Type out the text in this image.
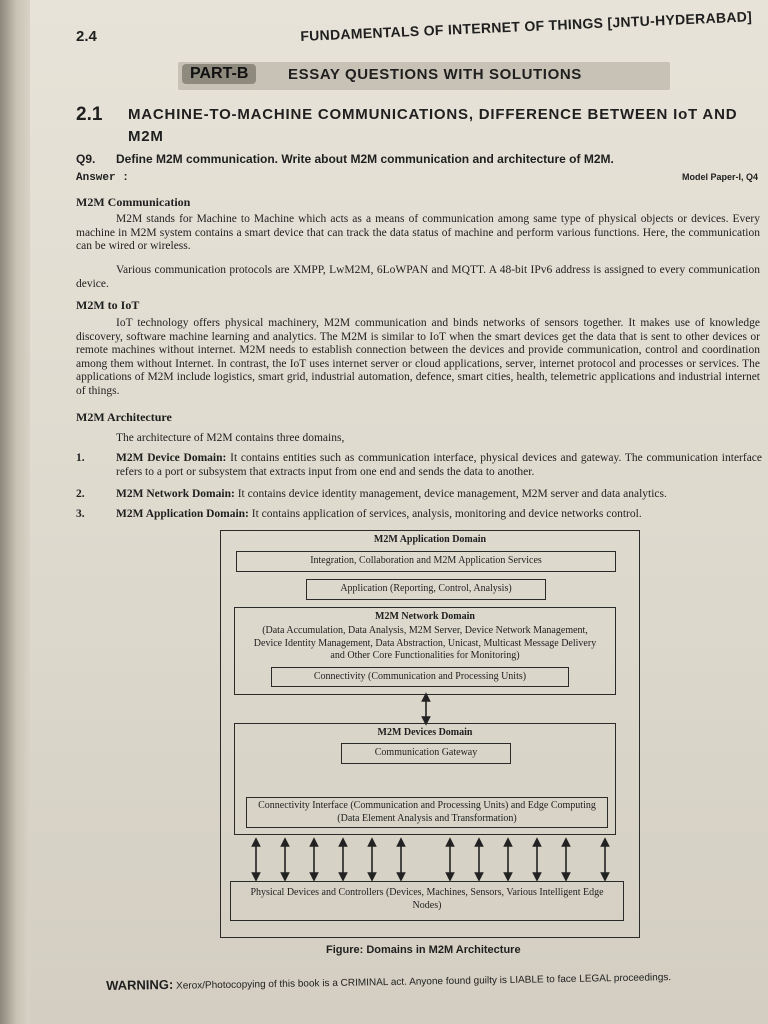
2.4	FUNDAMENTALS OF INTERNET OF THINGS [JNTU-HYDERABAD]
PART-B	ESSAY QUESTIONS WITH SOLUTIONS
2.1 MACHINE-TO-MACHINE COMMUNICATIONS, DIFFERENCE BETWEEN IoT AND M2M
Q9. Define M2M communication. Write about M2M communication and architecture of M2M.
Answer :	Model Paper-I, Q4
M2M Communication

M2M stands for Machine to Machine which acts as a means of communication among same type of physical objects or devices. Every machine in M2M system contains a smart device that can track the data status of machine and perform various functions. Here, the communication can be wired or wireless.

Various communication protocols are XMPP, LwM2M, 6LoWPAN and MQTT. A 48-bit IPv6 address is assigned to every communication device.

M2M to IoT

IoT technology offers physical machinery, M2M communication and binds networks of sensors together. It makes use of knowledge discovery, software machine learning and analytics. The M2M is similar to IoT when the smart devices get the data that is sent to other devices or remote machines without internet. M2M needs to establish connection between the devices and provide communication, control and coordination among them without Internet. In contrast, the IoT uses internet server or cloud applications, server, internet protocol and processes or services. The applications of M2M include logistics, smart grid, industrial automation, defence, smart cities, health, telemetric applications and industrial internet of things.

M2M Architecture

The architecture of M2M contains three domains,

1.	M2M Device Domain: It contains entities such as communication interface, physical devices and gateway. The communication interface refers to a port or subsystem that extracts input from one end and sends the data to another.
2.	M2M Network Domain: It contains device identity management, device management, M2M server and data analytics.
3.	M2M Application Domain: It contains application of services, analysis, monitoring and device networks control.
M2M Application Domain
Integration, Collaboration and M2M Application Services
Application (Reporting, Control, Analysis)
M2M Network Domain
(Data Accumulation, Data Analysis, M2M Server, Device Network Management, Device Identity Management, Data Abstraction, Unicast, Multicast Message Delivery and Other Core Functionalities for Monitoring)
Connectivity (Communication and Processing Units)
M2M Devices Domain
Communication Gateway
Connectivity Interface (Communication and Processing Units) and Edge Computing (Data Element Analysis and Transformation)
Physical Devices and Controllers (Devices, Machines, Sensors, Various Intelligent Edge Nodes)
Figure: Domains in M2M Architecture
WARNING: Xerox/Photocopying of this book is a CRIMINAL act. Anyone found guilty is LIABLE to face LEGAL proceedings.
